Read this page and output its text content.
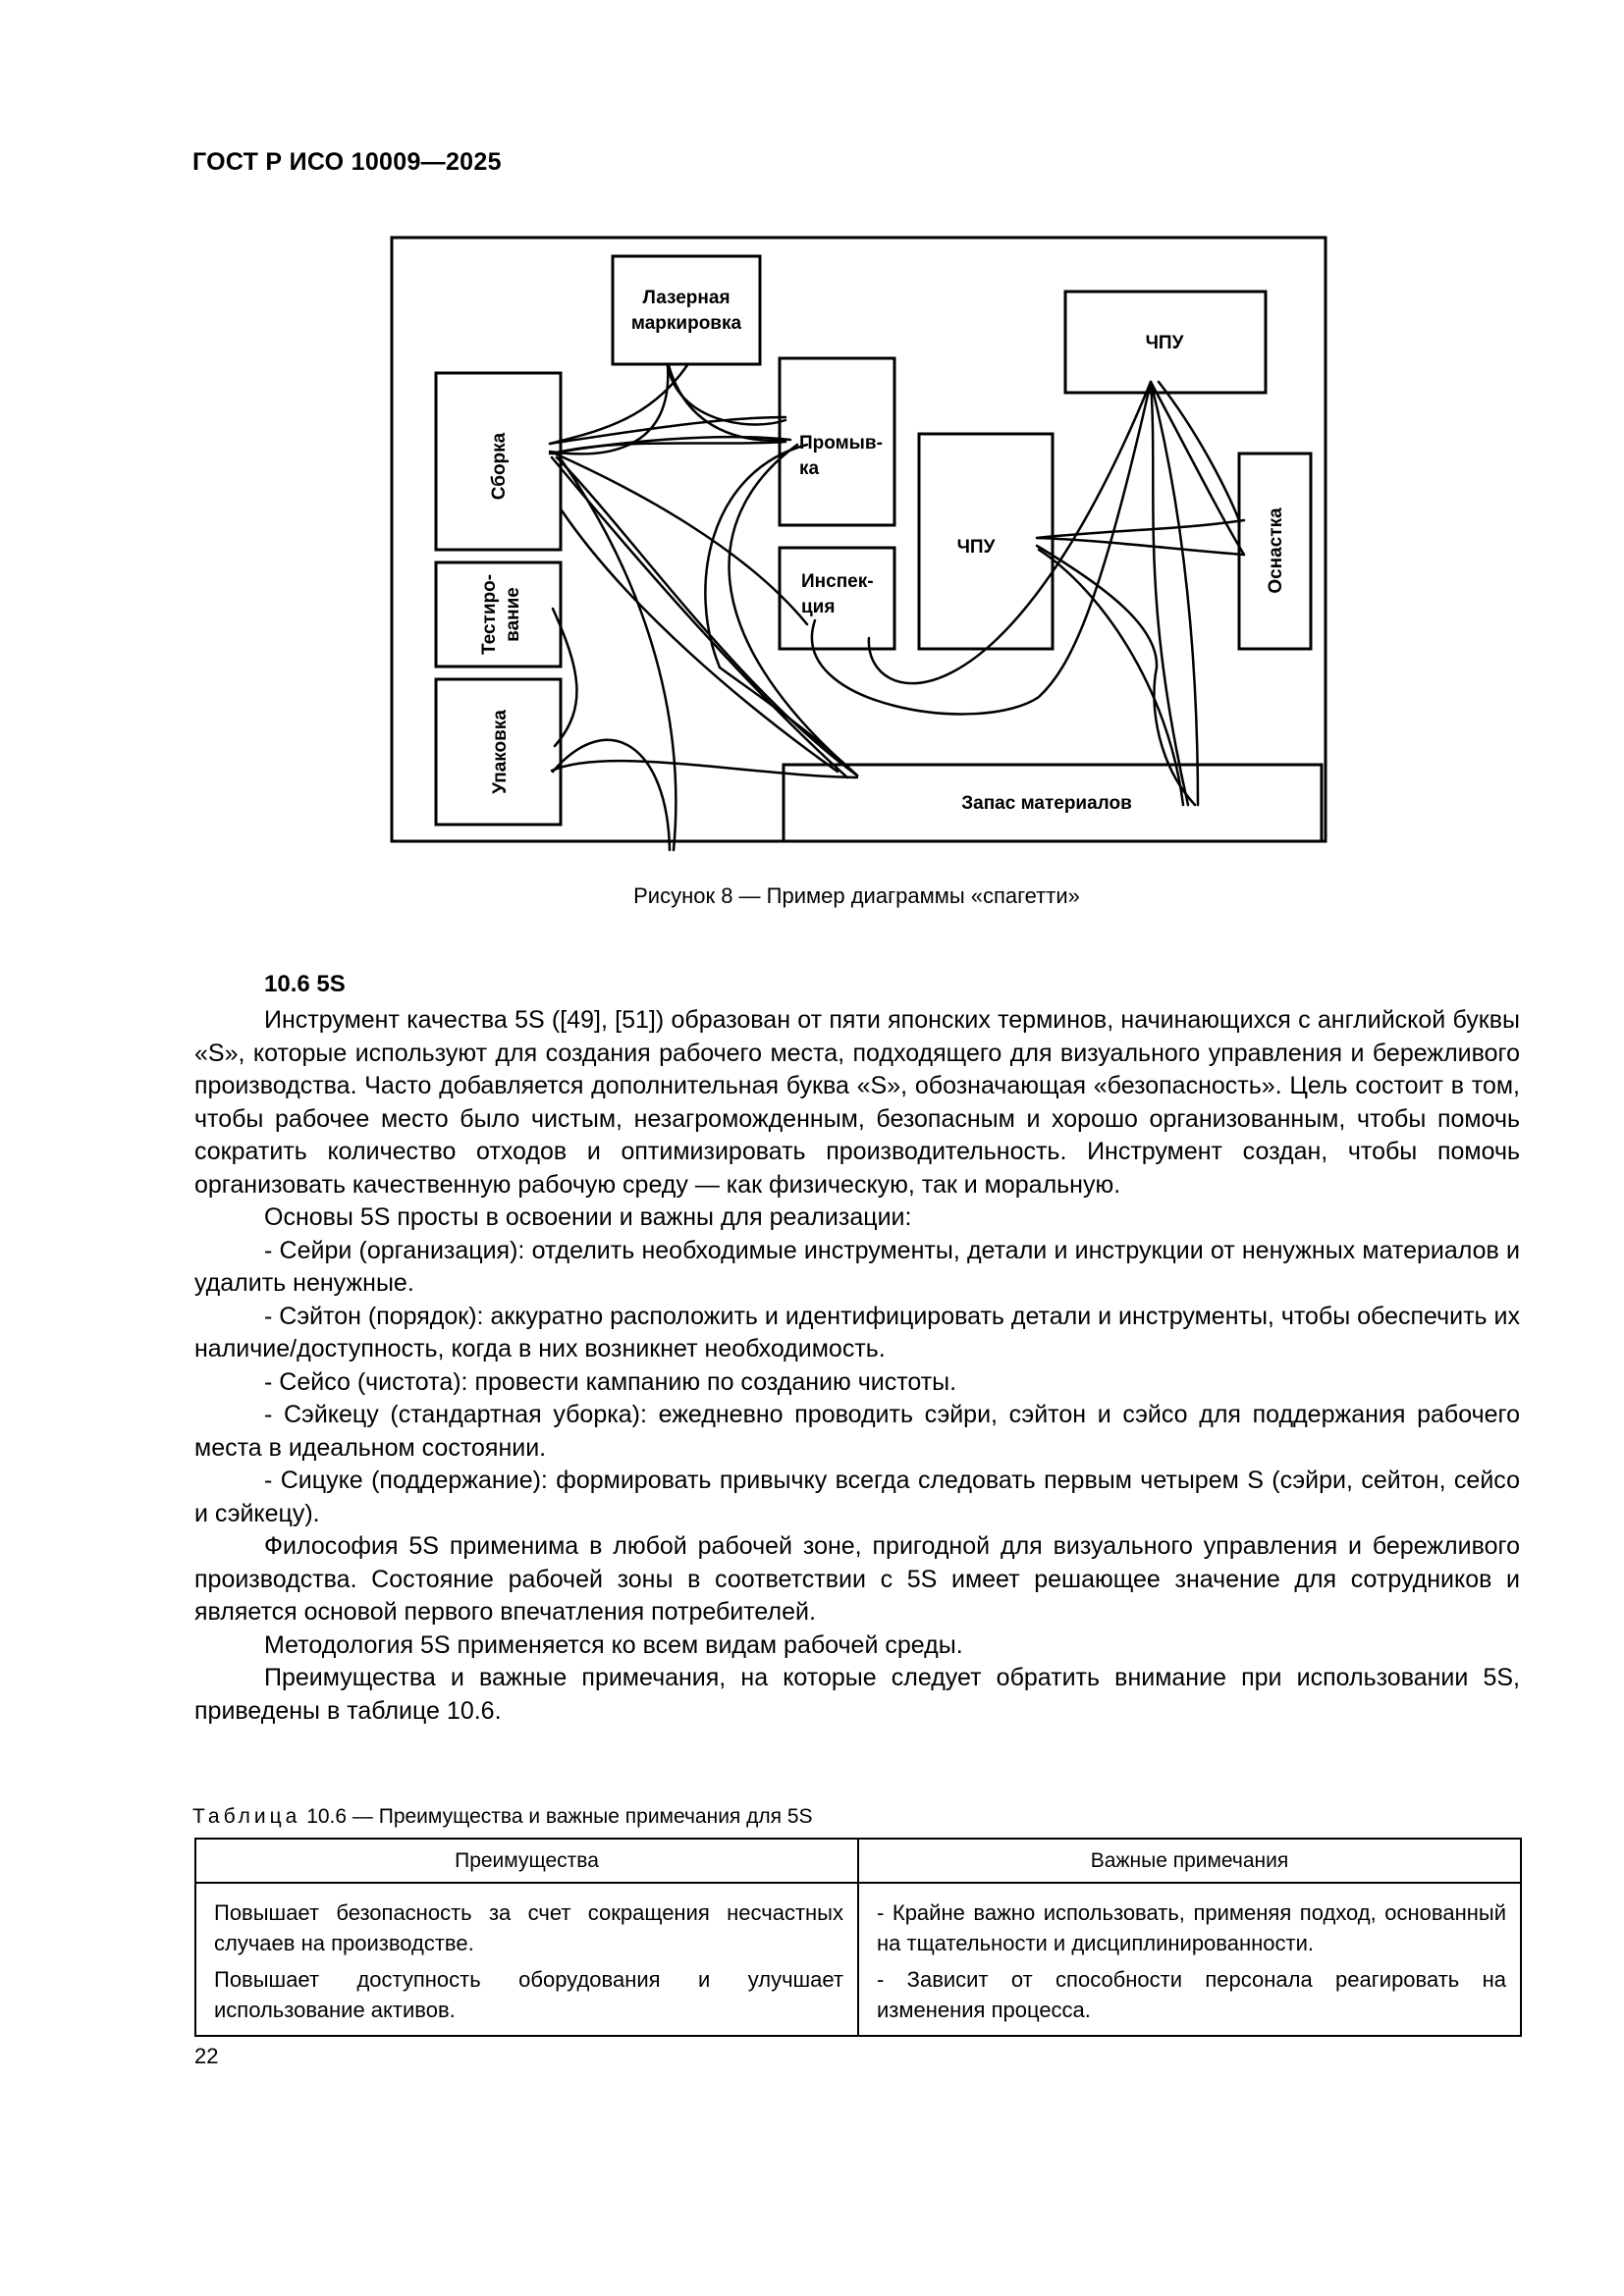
ГОСТ Р ИСО 10009—2025
Лазерная
маркировка
ЧПУ
Сборка	Промыв-
ка
ЧПУ	Оснастка
Тестиро- вание
Инспек-
ция
Упаковка
Запас материалов
Рисунок 8 — Пример диаграммы «спагетти»
10.6 5S

Инструмент качества 5S ([49], [51]) образован от пяти японских терминов, начинающихся с английской буквы «S», которые используют для создания рабочего места, подходящего для визуального управления и бережливого производства. Часто добавляется дополнительная буква «S», обозначающая «безопасность». Цель состоит в том, чтобы рабочее место было чистым, незагроможденным, безопасным и хорошо организованным, чтобы помочь сократить количество отходов и оптимизировать производительность. Инструмент создан, чтобы помочь организовать качественную рабочую среду — как физическую, так и моральную.

Основы 5S просты в освоении и важны для реализации:

- Сейри (организация): отделить необходимые инструменты, детали и инструкции от ненужных материалов и удалить ненужные.

- Сэйтон (порядок): аккуратно расположить и идентифицировать детали и инструменты, чтобы обеспечить их наличие/доступность, когда в них возникнет необходимость.

- Сейсо (чистота): провести кампанию по созданию чистоты.

- Сэйкецу (стандартная уборка): ежедневно проводить сэйри, сэйтон и сэйсо для поддержания рабочего места в идеальном состоянии.

- Сицуке (поддержание): формировать привычку всегда следовать первым четырем S (сэйри, сейтон, сейсо и сэйкецу).

Философия 5S применима в любой рабочей зоне, пригодной для визуального управления и бережливого производства. Состояние рабочей зоны в соответствии с 5S имеет решающее значение для сотрудников и является основой первого впечатления потребителей.

Методология 5S применяется ко всем видам рабочей среды.

Преимущества и важные примечания, на которые следует обратить внимание при использовании 5S, приведены в таблице 10.6.

Таблица 10.6 — Преимущества и важные примечания для 5S
Преимущества	Важные примечания
Повышает безопасность за счет сокращения несчастных случаев на производстве.	- Крайне важно использовать, применяя подход, основанный на тщательности и дисциплинированности.
Повышает доступность оборудования и улучшает использование активов.	- Зависит от способности персонала реагировать на изменения процесса.
22
